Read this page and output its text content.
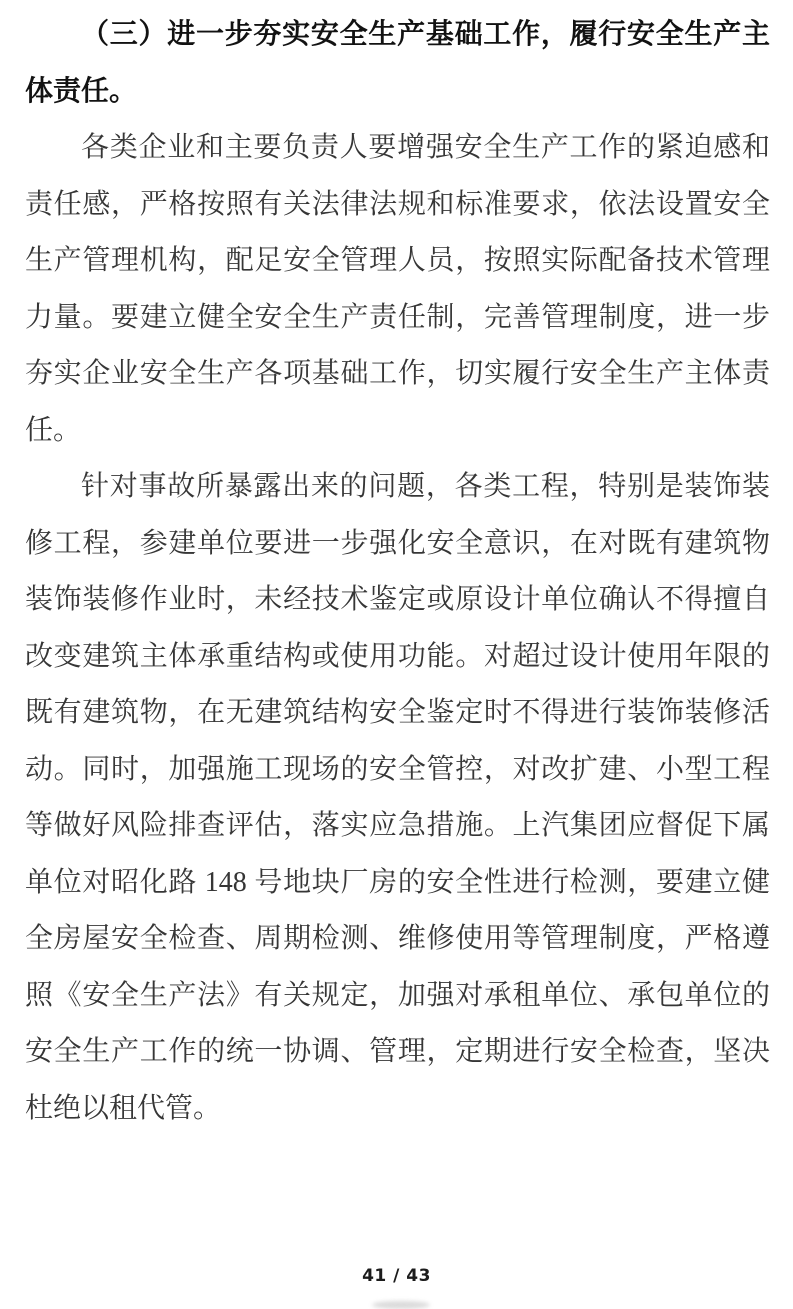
（三）进一步夯实安全生产基础工作，履行安全生产主
体责任。

各类企业和主要负责人要增强安全生产工作的紧迫感和

责任感，严格按照有关法律法规和标准要求，依法设置安全

生产管理机构，配足安全管理人员，按照实际配备技术管理

力量。要建立健全安全生产责任制，完善管理制度，进一步

夯实企业安全生产各项基础工作，切实履行安全生产主体责

任。

针对事故所暴露出来的问题，各类工程，特别是装饰装

修工程，参建单位要进一步强化安全意识，在对既有建筑物

装饰装修作业时，未经技术鉴定或原设计单位确认不得擅自

改变建筑主体承重结构或使用功能。对超过设计使用年限的

既有建筑物，在无建筑结构安全鉴定时不得进行装饰装修活

动。同时，加强施工现场的安全管控，对改扩建、小型工程

等做好风险排查评估，落实应急措施。上汽集团应督促下属

单位对昭化路 148 号地块厂房的安全性进行检测，要建立健

全房屋安全检查、周期检测、维修使用等管理制度，严格遵

照《安全生产法》有关规定，加强对承租单位、承包单位的

安全生产工作的统一协调、管理，定期进行安全检查，坚决

杜绝以租代管。

41 / 43
